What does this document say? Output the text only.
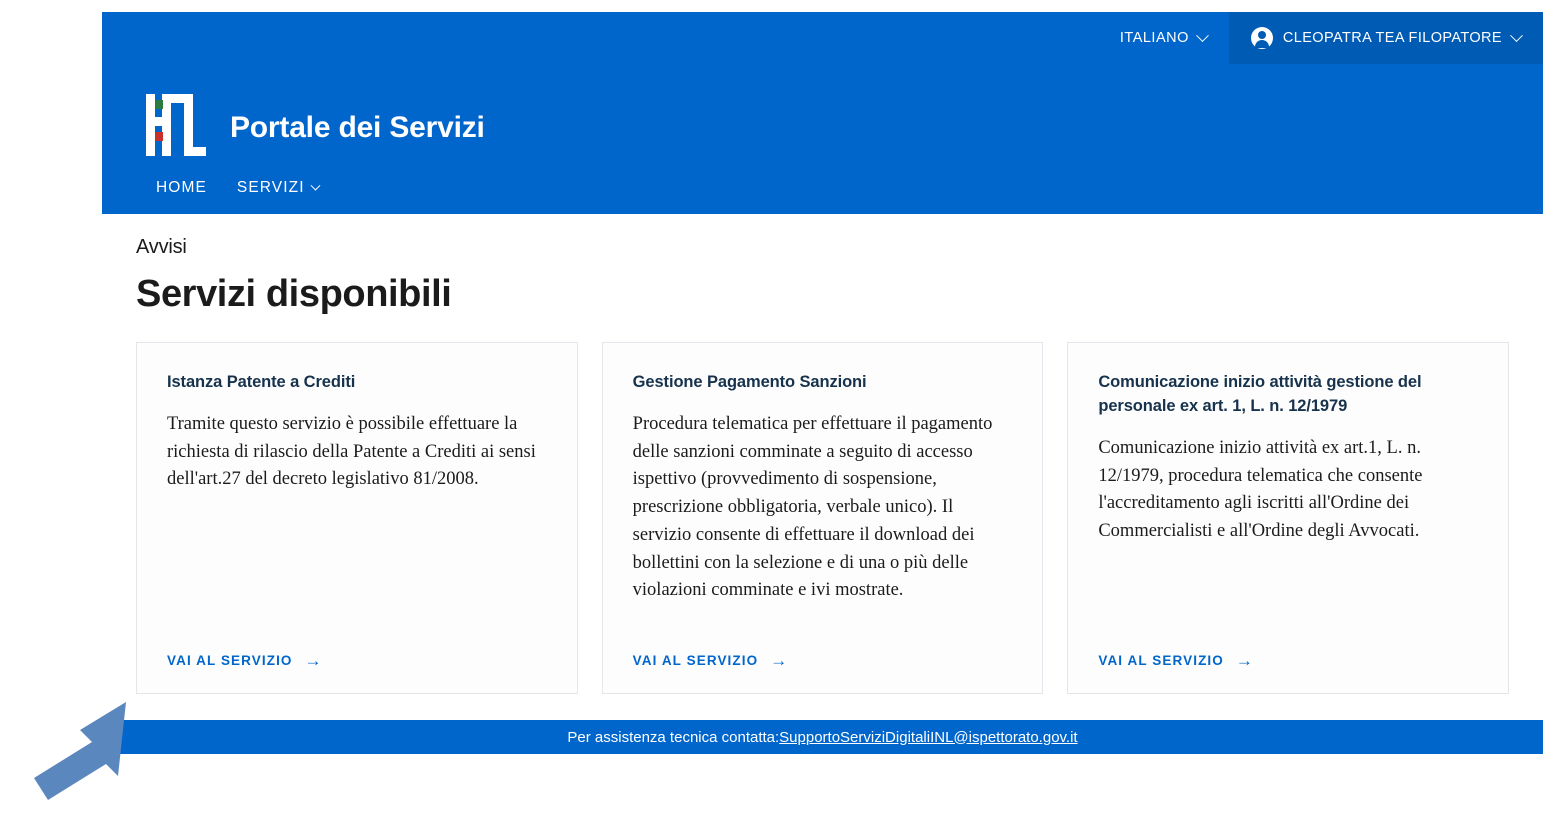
ITALIANO	CLEOPATRA TEA FILOPATORE
Portale dei Servizi
HOME SERVIZI
Avvisi
Servizi disponibili
Istanza Patente a Crediti
Tramite questo servizio è possibile effettuare la richiesta di rilascio della Patente a Crediti ai sensi dell'art.27 del decreto legislativo 81/2008.
VAI AL SERVIZIO →
Gestione Pagamento Sanzioni
Procedura telematica per effettuare il pagamento delle sanzioni comminate a seguito di accesso ispettivo (provvedimento di sospensione, prescrizione obbligatoria, verbale unico). Il servizio consente di effettuare il download dei bollettini con la selezione e di una o più delle violazioni comminate e ivi mostrate.
VAI AL SERVIZIO →
Comunicazione inizio attività gestione del personale ex art. 1, L. n. 12/1979
Comunicazione inizio attività ex art.1, L. n. 12/1979, procedura telematica che consente l'accreditamento agli iscritti all'Ordine dei Commercialisti e all'Ordine degli Avvocati.
VAI AL SERVIZIO →
Per assistenza tecnica contatta: SupportoServiziDigitaliINL@ispettorato.gov.it
